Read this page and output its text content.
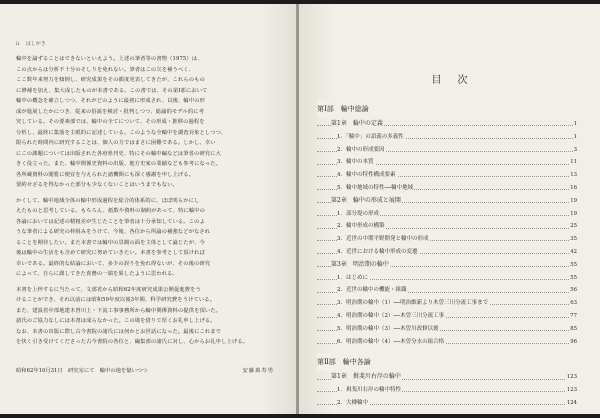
ii はしがき
輪中を論ずることはできないといえよう。上述の筆者等の書物（1975）は、
この点からは分析不十分のそしりを免れない。筆者はこの欠を補うべく、
ここ数年来努力を傾倒し、研究成果をその都度発表してきたが、これらのもの
に修補を加え、集大成したものが本書である。この書では、その第Ⅰ部において
輪中の概念を確立しつつ、それがどのように最初に形成され、以後、輪中の形
成が進展したかにつき、従来の俗説を検討・批判しつつ、総論的モデル的に考
究している。その要素部では、輪中の全てについて、その形成・推移の過程を
分析し、最終に集落を主眼的に記述している。このような全輪中を調査対象としつつ、
限られた時間内に研究することは、個人の力ではまさに困難である。しかし、幸い
にこの課題については出版された各府県刊史、特にその輪中編などは筆者の研究に大
きく役立った。また、輪中関係史資料の出版、地方史家の業績なども参考になった。
各所蔵資料の閲覧に便宜を与えられた諸機関にも深く感謝を申し上げる。
要約せざるを得なかった部分も少なくないことはいうまでもない。
かくして、輪中地域全体の輪中形成過程を総合的体系的に、ほぼ明らかにし
えたものと思考している。もちろん、紙数や資料の制約があって、特に輪中の
各論においては記述の精粗差が生じたことを筆者は十分承知している。このよ
うな筆者による研究の枠組みをうけて、今後、各位から所論の補強などがなされ
ることを期待したい。また本書では輪中の景観の面を主体として論じたが、今
後は輪中の生活をも含めて研究に努めていきたい。本書を参考として頂ければ
幸いである。最終的な結論において、多少の誤りを免れ得ないが、その後の研究
によって、自らに課してきた責務の一端を果したように思われる。
本書を上梓するに当たって、文部省から昭和62年度研究成果公開促進費をう
けることができ、それ以前には昭和59年度以後3年間、科学研究費をうけている。
また、建設省中部地建木曽川上・下流工事事務所から輪中関係資料の提供を頂いた。
諸氏のご協力なしには本書は成らなかった。この場を借りて厚くお礼申し上げる。
なお、本書の出版に際し古今書院の諸氏には何かとお世話になった。最後にこれまで
を快く引き受けてくださった古今書院の各位と、編集部の諸氏に対し、心からお礼申し上げる。
昭和62年10月31日　研究室にて　輪中の地を憶いつつ	安藤萬寿男
目次
第Ⅰ部　輪中総論
第1章　輪中の定義	1
1．「輪中」の語義の多義性	1
2．輪中の形成要因	3
3．輪中の本質	11
4．輪中の特性構成要素	13
5．輪中地域の特性──輪中地域	16
第2章　輪中の形成と展開	19
1．部分堤の形成	19
2．輪中形成の構築	25
3．近世の中期平野開発と輪中の形成	35
4．近世における輪中形成の変遷	42
第3章　明治期の輪中	55
1．はじめに	55
2．近世の輪中の機能・組織	56
3．明治期の輪中（1）──明治維新より木曽三川分流工事まで	63
4．明治期の輪中（2）──木曽三川分流工事	77
5．明治期の輪中（3）──木曽川改修以後	85
6．明治期の輪中（4）──木曽分水の組合格	96
第Ⅱ部　輪中各論
第1章　揖斐川右岸の輪中	123
1．揖斐川右岸の輪中特性	123
2．大槫輪中	124
